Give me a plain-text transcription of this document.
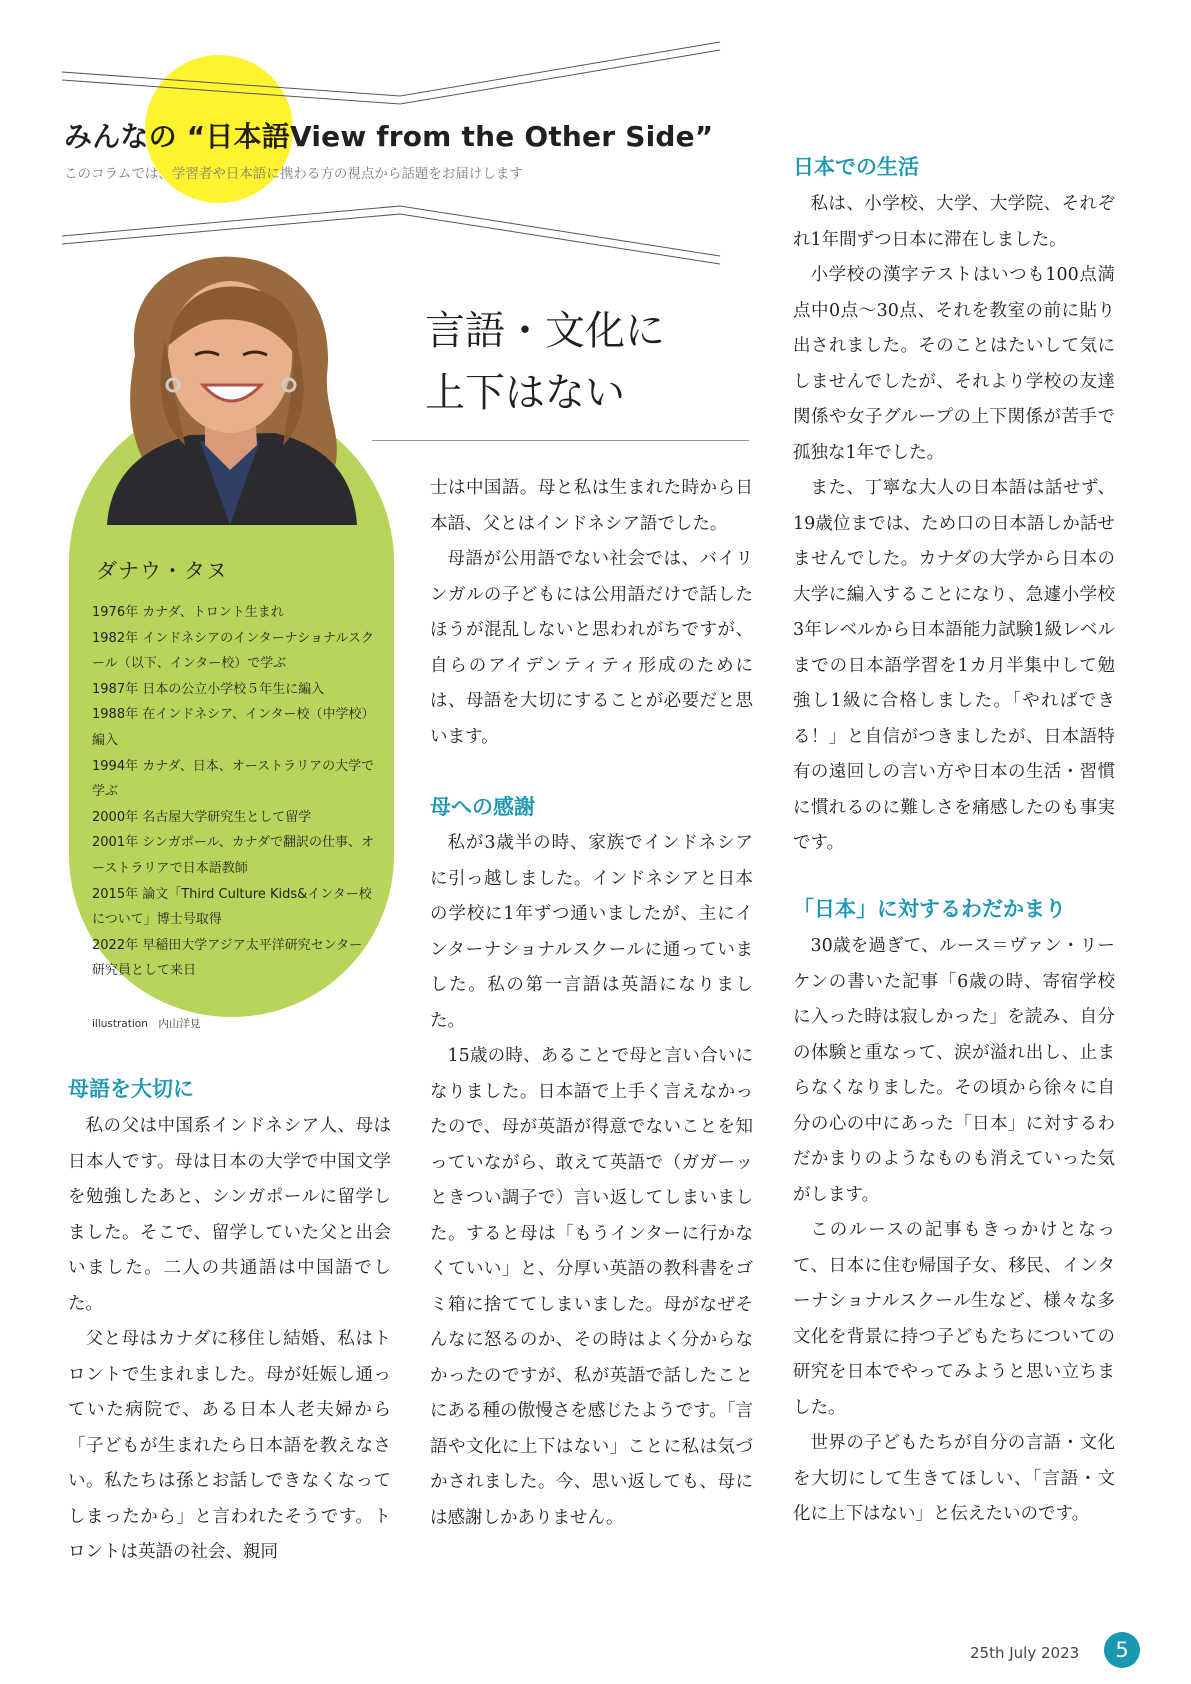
みんなの “日本語View from the Other Side”
このコラムでは、学習者や日本語に携わる方の視点から話題をお届けします
ダナウ・タヌ
1976年 カナダ、トロント生まれ
1982年 インドネシアのインターナショナルスクール（以下、インター校）で学ぶ
1987年 日本の公立小学校５年生に編入
1988年 在インドネシア、インター校（中学校）編入
1994年 カナダ、日本、オーストラリアの大学で学ぶ
2000年 名古屋大学研究生として留学
2001年 シンガポール、カナダで翻訳の仕事、オーストラリアで日本語教師
2015年 論文「Third Culture Kids&インター校について」博士号取得
2022年 早稲田大学アジア太平洋研究センター研究員として来日
illustration　内山洋見
言語・文化に
上下はない
母語を大切に

私の父は中国系インドネシア人、母は日本人です。母は日本の大学で中国文学を勉強したあと、シンガポールに留学しました。そこで、留学していた父と出会いました。二人の共通語は中国語でした。

父と母はカナダに移住し結婚、私はトロントで生まれました。母が妊娠し通っていた病院で、ある日本人老夫婦から「子どもが生まれたら日本語を教えなさい。私たちは孫とお話しできなくなってしまったから」と言われたそうです。トロントは英語の社会、親同

士は中国語。母と私は生まれた時から日本語、父とはインドネシア語でした。

母語が公用語でない社会では、バイリンガルの子どもには公用語だけで話したほうが混乱しないと思われがちですが、自らのアイデンティティ形成のためには、母語を大切にすることが必要だと思います。

母への感謝

私が3歳半の時、家族でインドネシアに引っ越しました。インドネシアと日本の学校に1年ずつ通いましたが、主にインターナショナルスクールに通っていました。私の第一言語は英語になりました。

15歳の時、あることで母と言い合いになりました。日本語で上手く言えなかったので、母が英語が得意でないことを知っていながら、敢えて英語で（ガガーッときつい調子で）言い返してしまいました。すると母は「もうインターに行かなくていい」と、分厚い英語の教科書をゴミ箱に捨ててしまいました。母がなぜそんなに怒るのか、その時はよく分からなかったのですが、私が英語で話したことにある種の傲慢さを感じたようです。「言語や文化に上下はない」ことに私は気づかされました。今、思い返しても、母には感謝しかありません。

日本での生活

私は、小学校、大学、大学院、それぞれ1年間ずつ日本に滞在しました。

小学校の漢字テストはいつも100点満点中0点～30点、それを教室の前に貼り出されました。そのことはたいして気にしませんでしたが、それより学校の友達関係や女子グループの上下関係が苦手で孤独な1年でした。

また、丁寧な大人の日本語は話せず、19歳位までは、ため口の日本語しか話せませんでした。カナダの大学から日本の大学に編入することになり、急遽小学校3年レベルから日本語能力試験1級レベルまでの日本語学習を1カ月半集中して勉強し1級に合格しました。「やればできる！」と自信がつきましたが、日本語特有の遠回しの言い方や日本の生活・習慣に慣れるのに難しさを痛感したのも事実です。

「日本」に対するわだかまり

30歳を過ぎて、ルース＝ヴァン・リーケンの書いた記事「6歳の時、寄宿学校に入った時は寂しかった」を読み、自分の体験と重なって、涙が溢れ出し、止まらなくなりました。その頃から徐々に自分の心の中にあった「日本」に対するわだかまりのようなものも消えていった気がします。

このルースの記事もきっかけとなって、日本に住む帰国子女、移民、インターナショナルスクール生など、様々な多文化を背景に持つ子どもたちについての研究を日本でやってみようと思い立ちました。

世界の子どもたちが自分の言語・文化を大切にして生きてほしい、「言語・文化に上下はない」と伝えたいのです。

25th July 2023	5
